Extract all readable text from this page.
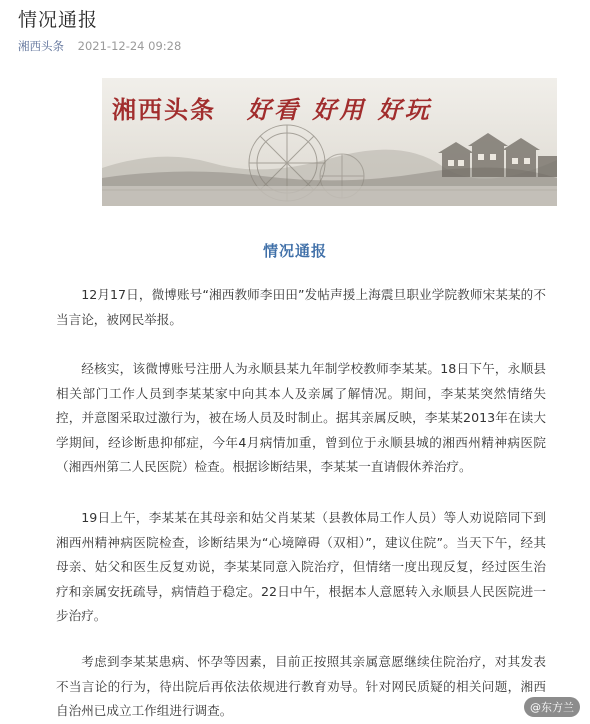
情况通报
湘西头条 2021-12-24 09:28
湘西头条 好看 好用 好玩
情况通报

12月17日，微博账号“湘西教师李田田”发帖声援上海震旦职业学院教师宋某某的不当言论，被网民举报。

经核实，该微博账号注册人为永顺县某九年制学校教师李某某。18日下午，永顺县相关部门工作人员到李某某家中向其本人及亲属了解情况。期间，李某某突然情绪失控，并意图采取过激行为，被在场人员及时制止。据其亲属反映，李某某2013年在读大学期间，经诊断患抑郁症，今年4月病情加重，曾到位于永顺县城的湘西州精神病医院（湘西州第二人民医院）检查。根据诊断结果，李某某一直请假休养治疗。

19日上午，李某某在其母亲和姑父肖某某（县教体局工作人员）等人劝说陪同下到湘西州精神病医院检查，诊断结果为“心境障碍（双相）”，建议住院”。当天下午，经其母亲、姑父和医生反复劝说，李某某同意入院治疗，但情绪一度出现反复，经过医生治疗和亲属安抚疏导，病情趋于稳定。22日中午，根据本人意愿转入永顺县人民医院进一步治疗。

考虑到李某某患病、怀孕等因素，目前正按照其亲属意愿继续住院治疗，对其发表不当言论的行为，待出院后再依法依规进行教育劝导。针对网民质疑的相关问题，湘西自治州已成立工作组进行调查。	@东方兰
